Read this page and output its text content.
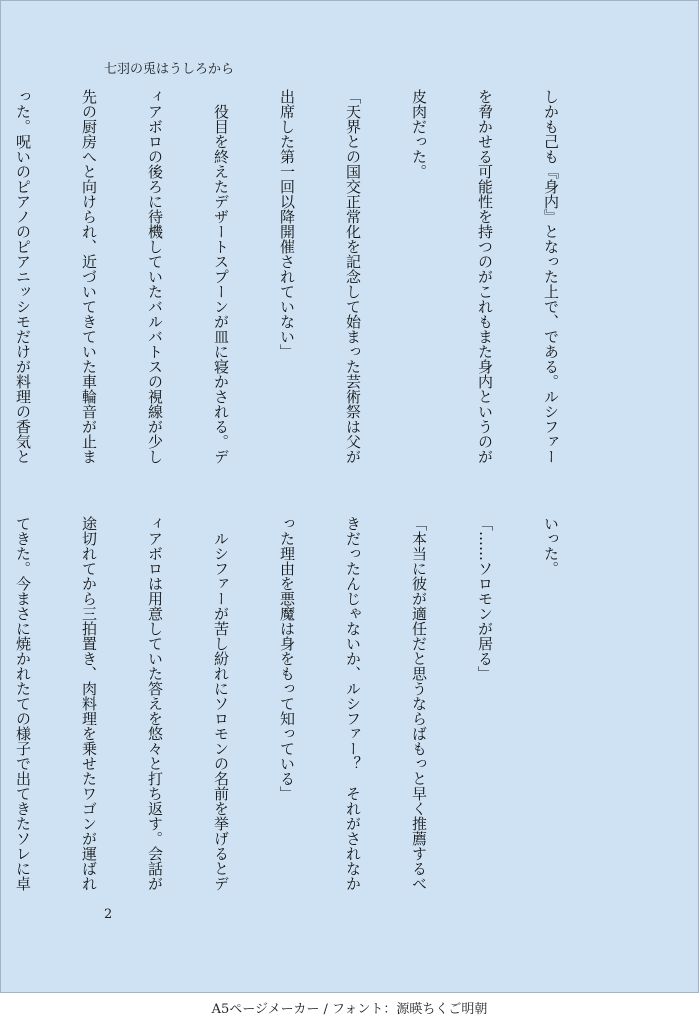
七羽の兎はうしろから

しかも己も『身内』となった上で、である。ルシファー

を脅かせる可能性を持つのがこれもまた身内というのが

皮肉だった。

「天界との国交正常化を記念して始まった芸術祭は父が

出席した第一回以降開催されていない」

　役目を終えたデザートスプーンが皿に寝かされる。デ

ィアボロの後ろに待機していたバルバトスの視線が少し

先の厨房へと向けられ、近づいてきていた車輪音が止ま

った。呪いのピアノのピアニッシモだけが料理の香気と

いった。

「……ソロモンが居る」

「本当に彼が適任だと思うならばもっと早く推薦するべ

きだったんじゃないか、ルシファー？　それがされなか

った理由を悪魔は身をもって知っている」

　ルシファーが苦し紛れにソロモンの名前を挙げるとデ

ィアボロは用意していた答えを悠々と打ち返す。会話が

途切れてから三拍置き、肉料理を乗せたワゴンが運ばれ

てきた。今まさに焼かれたての様子で出てきたソレに卓

2
A5ページメーカー / フォント：源暎ちくご明朝
